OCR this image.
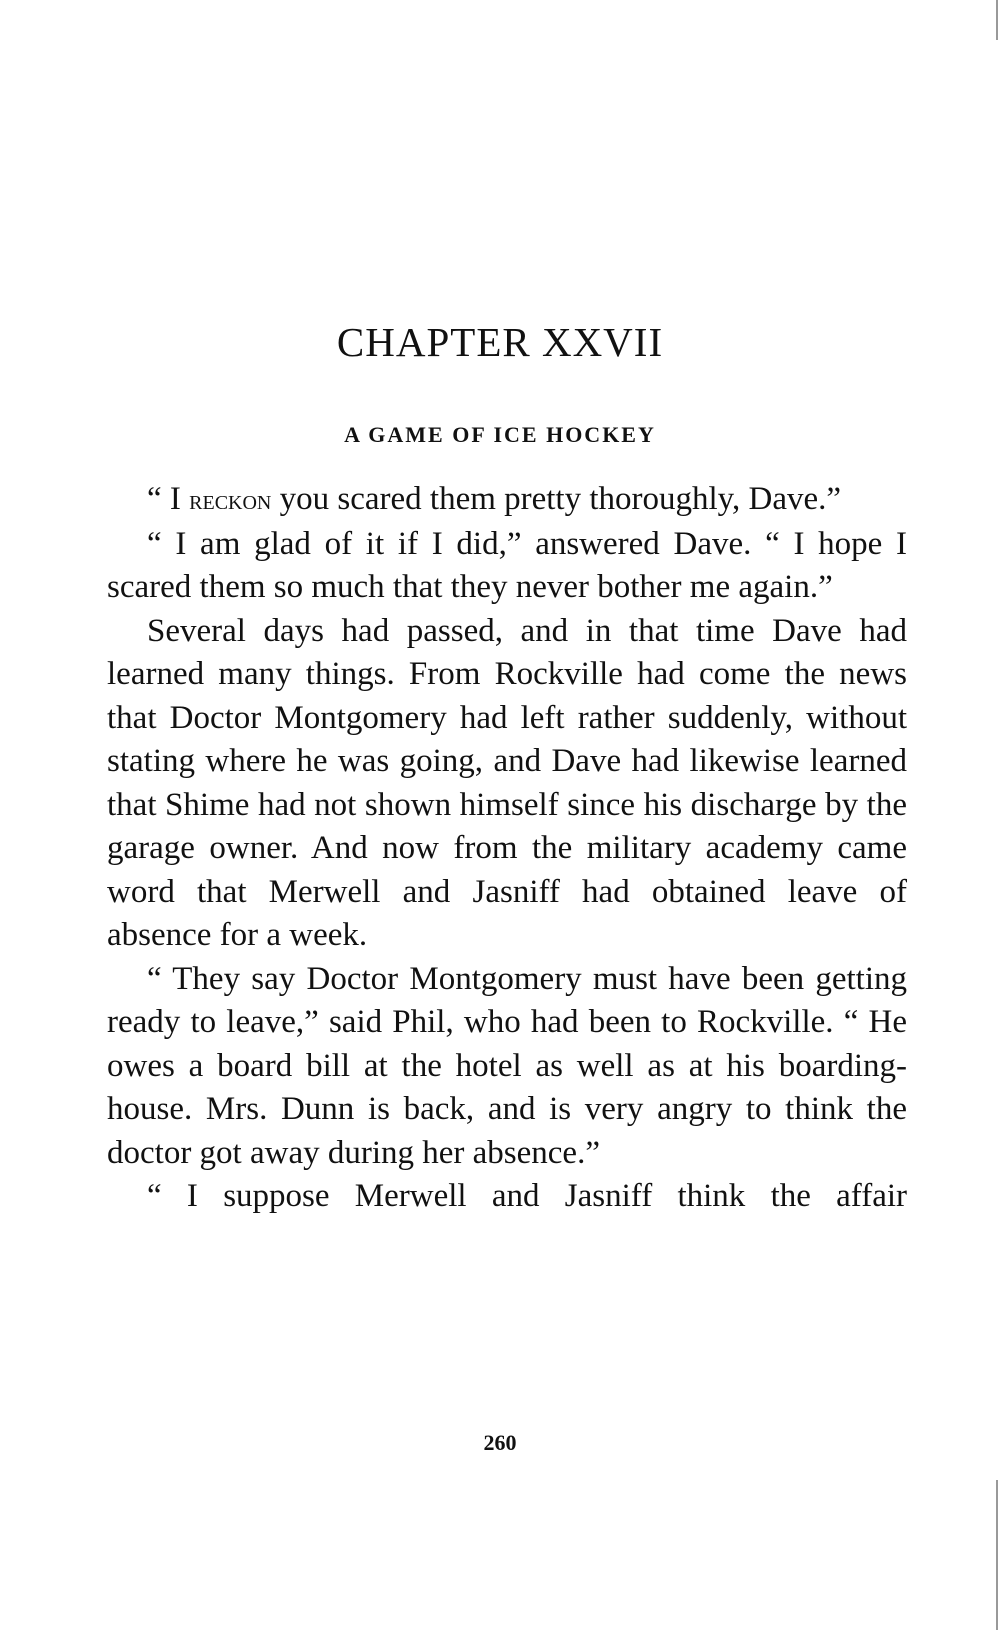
CHAPTER XXVII
A GAME OF ICE HOCKEY

“ I reckon you scared them pretty thoroughly, Dave.”

“ I am glad of it if I did,” answered Dave. “ I hope I scared them so much that they never bother me again.”

Several days had passed, and in that time Dave had learned many things. From Rockville had come the news that Doctor Montgomery had left rather suddenly, without stating where he was going, and Dave had likewise learned that Shime had not shown himself since his discharge by the garage owner. And now from the military academy came word that Merwell and Jasniff had obtained leave of absence for a week.

“ They say Doctor Montgomery must have been getting ready to leave,” said Phil, who had been to Rockville. “ He owes a board bill at the hotel as well as at his boarding-house. Mrs. Dunn is back, and is very angry to think the doctor got away during her absence.”

“ I suppose Merwell and Jasniff think the affair

260
